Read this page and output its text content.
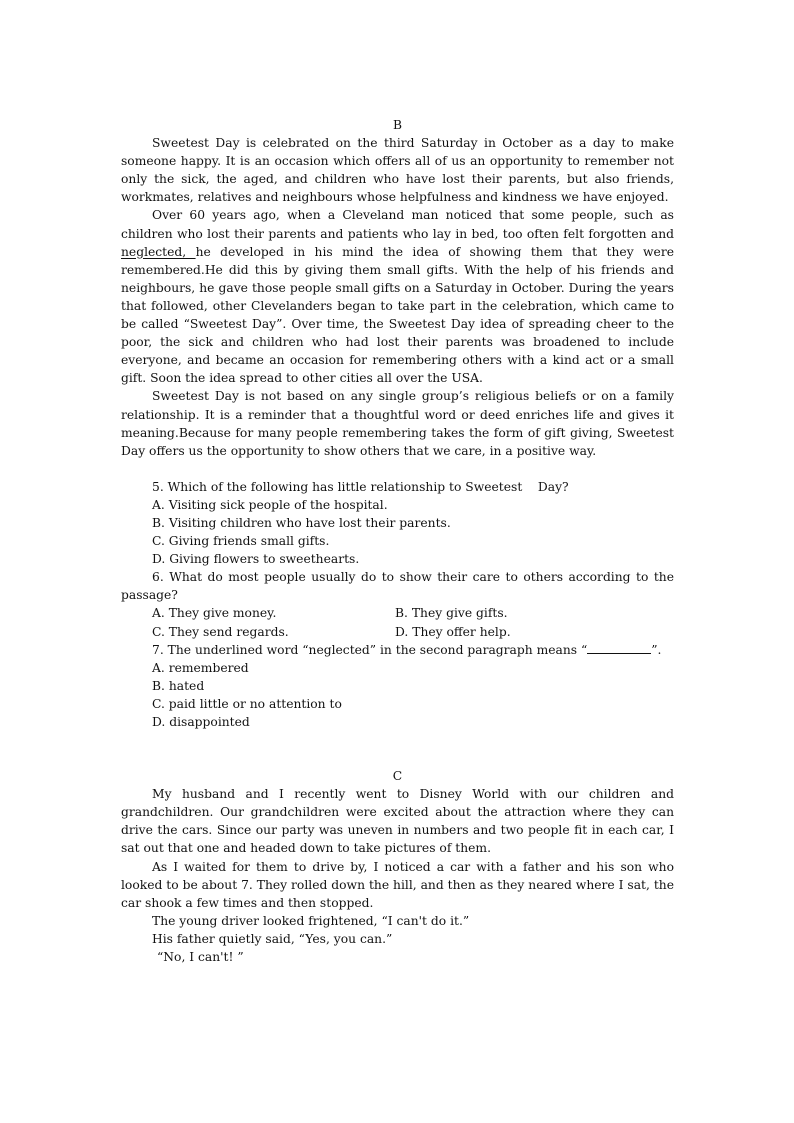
B

Sweetest Day is celebrated on the third Saturday in October as a day to make someone happy. It is an occasion which offers all of us an opportunity to remember not only the sick, the aged, and children who have lost their parents, but also friends, workmates, relatives and neighbours whose helpfulness and kindness we have enjoyed.

Over 60 years ago, when a Cleveland man noticed that some people, such as children who lost their parents and patients who lay in bed, too often felt forgotten and neglected, he developed in his mind the idea of showing them that they were remembered.He did this by giving them small gifts. With the help of his friends and neighbours, he gave those people small gifts on a Saturday in October. During the years that followed, other Clevelanders began to take part in the celebration, which came to be called “Sweetest Day”. Over time, the Sweetest Day idea of spreading cheer to the poor, the sick and children who had lost their parents was broadened to include everyone, and became an occasion for remembering others with a kind act or a small gift. Soon the idea spread to other cities all over the USA.

Sweetest Day is not based on any single group’s religious beliefs or on a family relationship. It is a reminder that a thoughtful word or deed enriches life and gives it meaning.Because for many people remembering takes the form of gift giving, Sweetest Day offers us the opportunity to show others that we care, in a positive way.

5. Which of the following has little relationship to Sweetest    Day?

A. Visiting sick people of the hospital.

B. Visiting children who have lost their parents.

C. Giving friends small gifts.

D. Giving flowers to sweethearts.

6. What do most people usually do to show their care to others according to the passage?

A. They give money.	B. They give gifts.
C. They send regards.	D. They offer help.

7. The underlined word “neglected” in the second paragraph means “	”.

A. remembered

B. hated

C. paid little or no attention to

D. disappointed

C

My husband and I recently went to Disney World with our children and grandchildren. Our grandchildren were excited about the attraction where they can drive the cars. Since our party was uneven in numbers and two people fit in each car, I sat out that one and headed down to take pictures of them.

As I waited for them to drive by, I noticed a car with a father and his son who looked to be about 7. They rolled down the hill, and then as they neared where I sat, the car shook a few times and then stopped.

The young driver looked frightened, “I can't do it.”

His father quietly said, “Yes, you can.”

“No, I can't! ”
